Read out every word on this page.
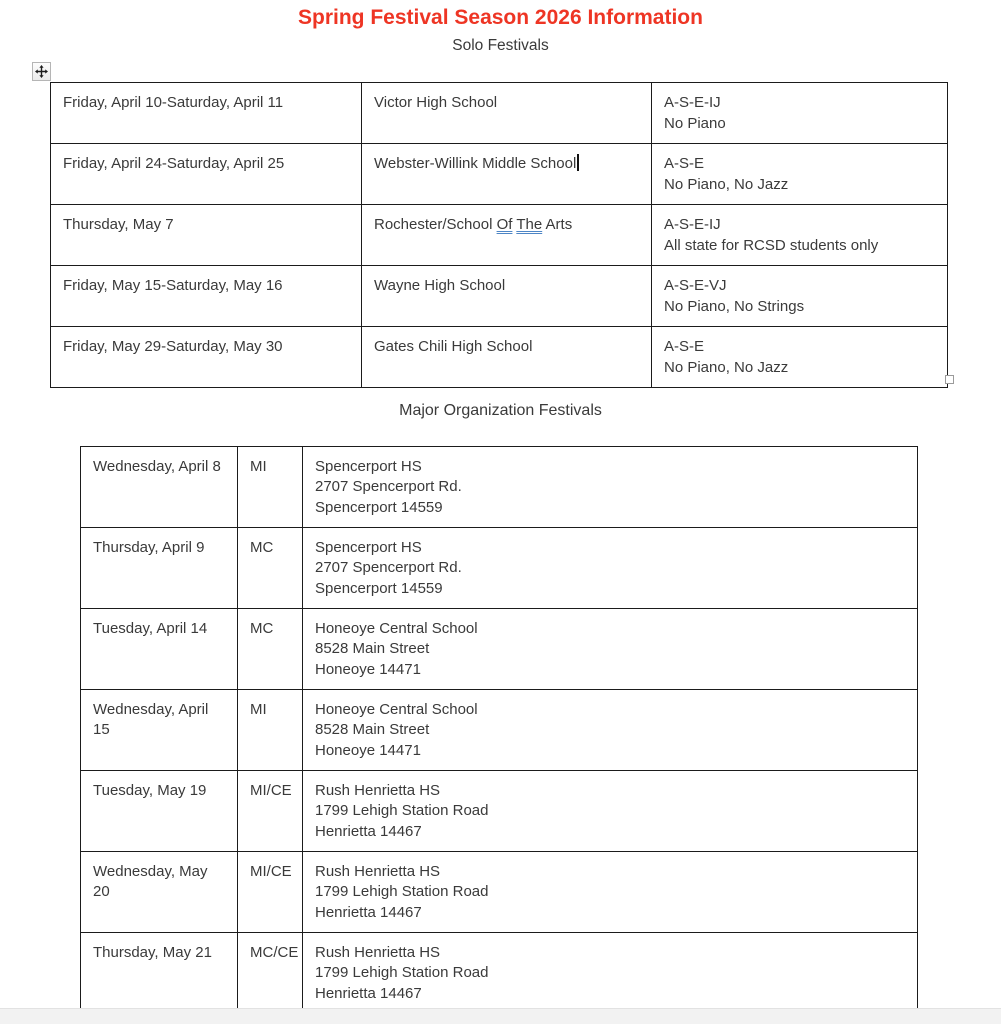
Spring Festival Season 2026 Information
Solo Festivals
Friday, April 10-Saturday, April 11	Victor High School	A-S-E-IJ
No Piano

Friday, April 24-Saturday, April 25	Webster-Willink Middle School	A-S-E
No Piano, No Jazz

Thursday, May 7	Rochester/School Of The Arts	A-S-E-IJ
All state for RCSD students only

Friday, May 15-Saturday, May 16	Wayne High School	A-S-E-VJ
No Piano, No Strings

Friday, May 29-Saturday, May 30	Gates Chili High School	A-S-E
No Piano, No Jazz
Major Organization Festivals
Wednesday, April 8	MI	Spencerport HS
2707 Spencerport Rd.
Spencerport 14559

Thursday, April 9	MC	Spencerport HS
2707 Spencerport Rd.
Spencerport 14559

Tuesday, April 14	MC	Honeoye Central School
8528 Main Street
Honeoye 14471

Wednesday, April 15	MI	Honeoye Central School
8528 Main Street
Honeoye 14471

Tuesday, May 19	MI/CE	Rush Henrietta HS
1799 Lehigh Station Road
Henrietta 14467

Wednesday, May 20	MI/CE	Rush Henrietta HS
1799 Lehigh Station Road
Henrietta 14467

Thursday, May 21	MC/CE	Rush Henrietta HS
1799 Lehigh Station Road
Henrietta 14467
